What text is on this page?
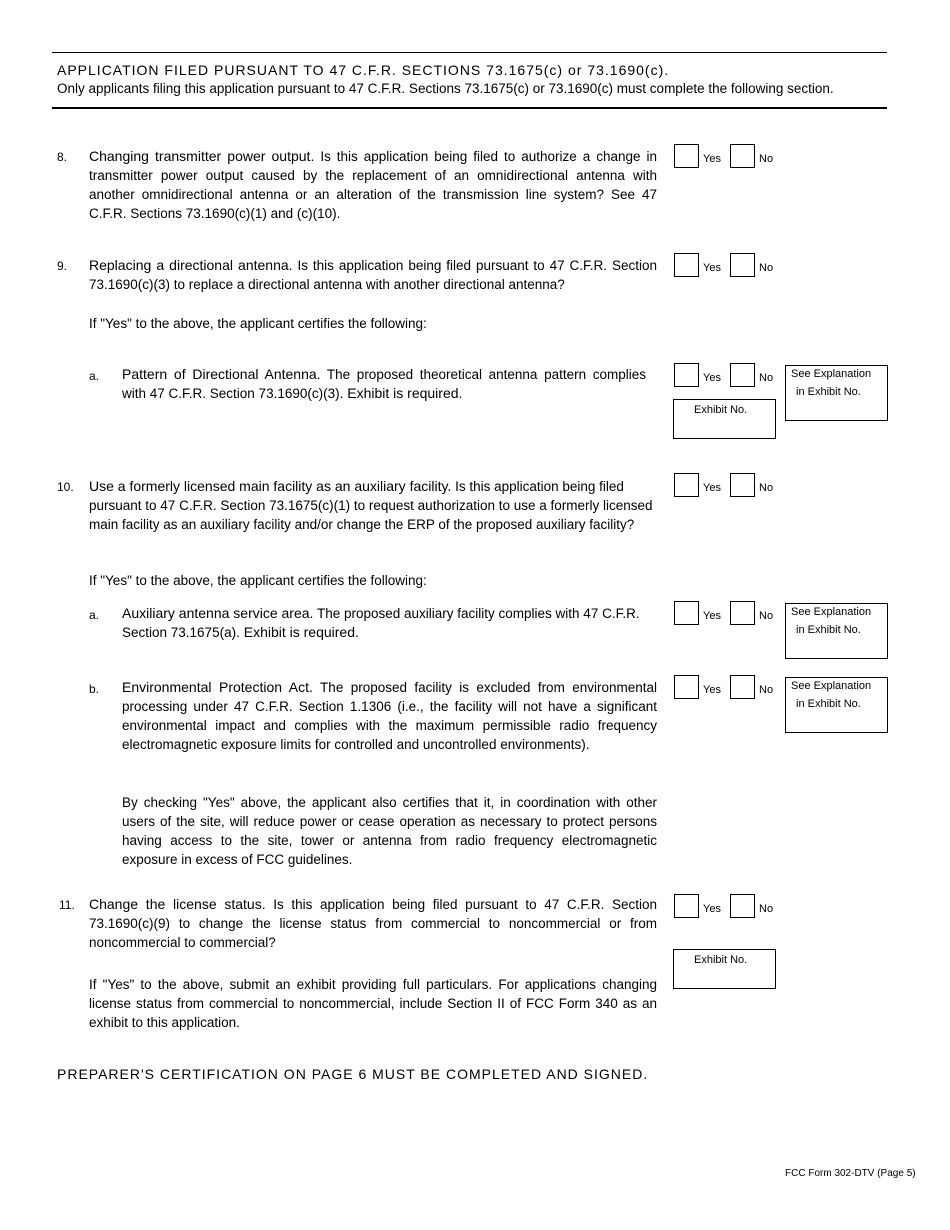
APPLICATION FILED PURSUANT TO 47 C.F.R. SECTIONS 73.1675(c) or 73.1690(c).
Only applicants filing this application pursuant to 47 C.F.R. Sections 73.1675(c) or 73.1690(c) must complete the following section.
8. Changing transmitter power output. Is this application being filed to authorize a change in transmitter power output caused by the replacement of an omnidirectional antenna with another omnidirectional antenna or an alteration of the transmission line system? See 47 C.F.R. Sections 73.1690(c)(1) and (c)(10).
Yes	No
9. Replacing a directional antenna. Is this application being filed pursuant to 47 C.F.R. Section 73.1690(c)(3) to replace a directional antenna with another directional antenna?
Yes	No
If "Yes" to the above, the applicant certifies the following:
a. Pattern of Directional Antenna. The proposed theoretical antenna pattern complies with 47 C.F.R. Section 73.1690(c)(3). Exhibit is required.
Yes	No
Exhibit No.
See Explanation
in Exhibit No.
10. Use a formerly licensed main facility as an auxiliary facility. Is this application being filed pursuant to 47 C.F.R. Section 73.1675(c)(1) to request authorization to use a formerly licensed main facility as an auxiliary facility and/or change the ERP of the proposed auxiliary facility?
Yes	No
If "Yes" to the above, the applicant certifies the following:
a. Auxiliary antenna service area. The proposed auxiliary facility complies with 47 C.F.R. Section 73.1675(a). Exhibit is required.
Yes	No See Explanation
in Exhibit No.
b. Environmental Protection Act. The proposed facility is excluded from environmental processing under 47 C.F.R. Section 1.1306 (i.e., the facility will not have a significant environmental impact and complies with the maximum permissible radio frequency electromagnetic exposure limits for controlled and uncontrolled environments).
By checking "Yes" above, the applicant also certifies that it, in coordination with other users of the site, will reduce power or cease operation as necessary to protect persons having access to the site, tower or antenna from radio frequency electromagnetic exposure in excess of FCC guidelines.
Yes	No See Explanation
in Exhibit No.
11. Change the license status. Is this application being filed pursuant to 47 C.F.R. Section 73.1690(c)(9) to change the license status from commercial to noncommercial or from noncommercial to commercial?
If "Yes" to the above, submit an exhibit providing full particulars. For applications changing license status from commercial to noncommercial, include Section II of FCC Form 340 as an exhibit to this application.
Yes	No
Exhibit No.
PREPARER'S CERTIFICATION ON PAGE 6 MUST BE COMPLETED AND SIGNED.
FCC Form 302-DTV (Page 5)
